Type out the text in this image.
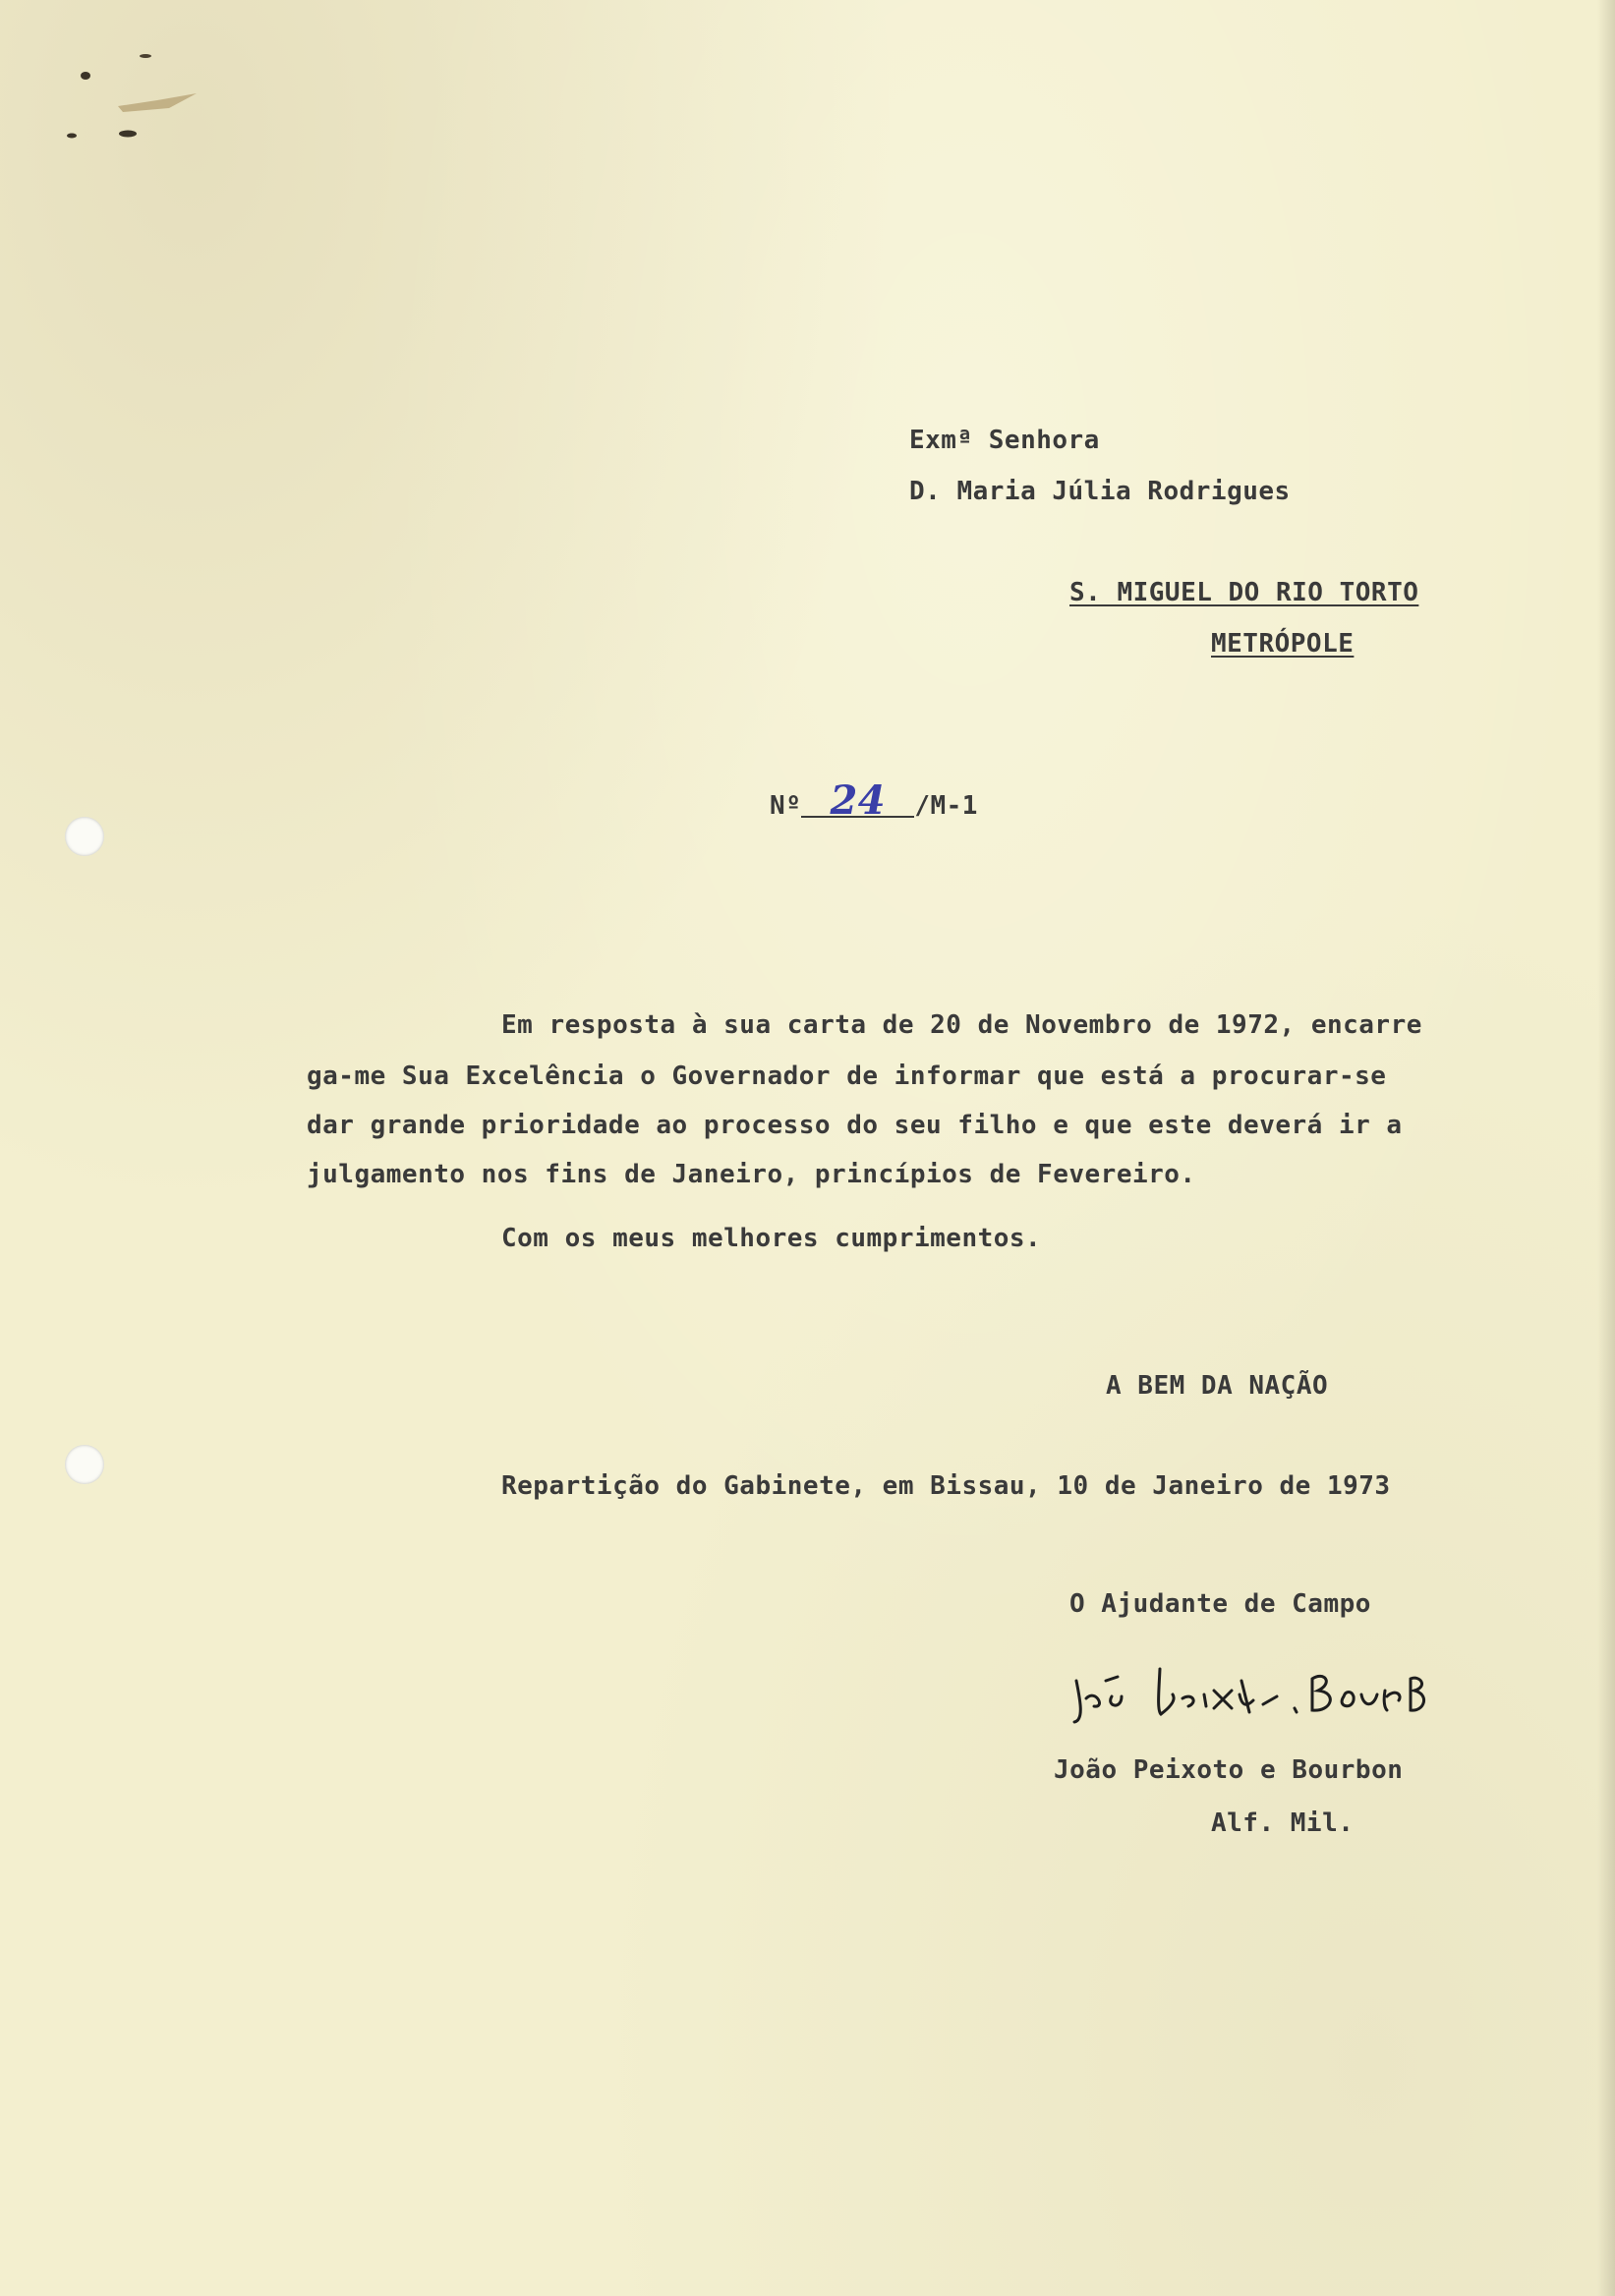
Exmª Senhora
D. Maria Júlia Rodrigues
S. MIGUEL DO RIO TORTO
METRÓPOLE
Nº 24 /M-1
Em resposta à sua carta de 20 de Novembro de 1972, encarre
ga-me Sua Excelência o Governador de informar que está a procurar-se
dar grande prioridade ao processo do seu filho e que este deverá ir a
julgamento nos fins de Janeiro, princípios de Fevereiro.
Com os meus melhores cumprimentos.
A BEM DA NAÇÃO
Repartição do Gabinete, em Bissau, 10 de Janeiro de 1973
O Ajudante de Campo
João Peixoto e Bourbon
Alf. Mil.
